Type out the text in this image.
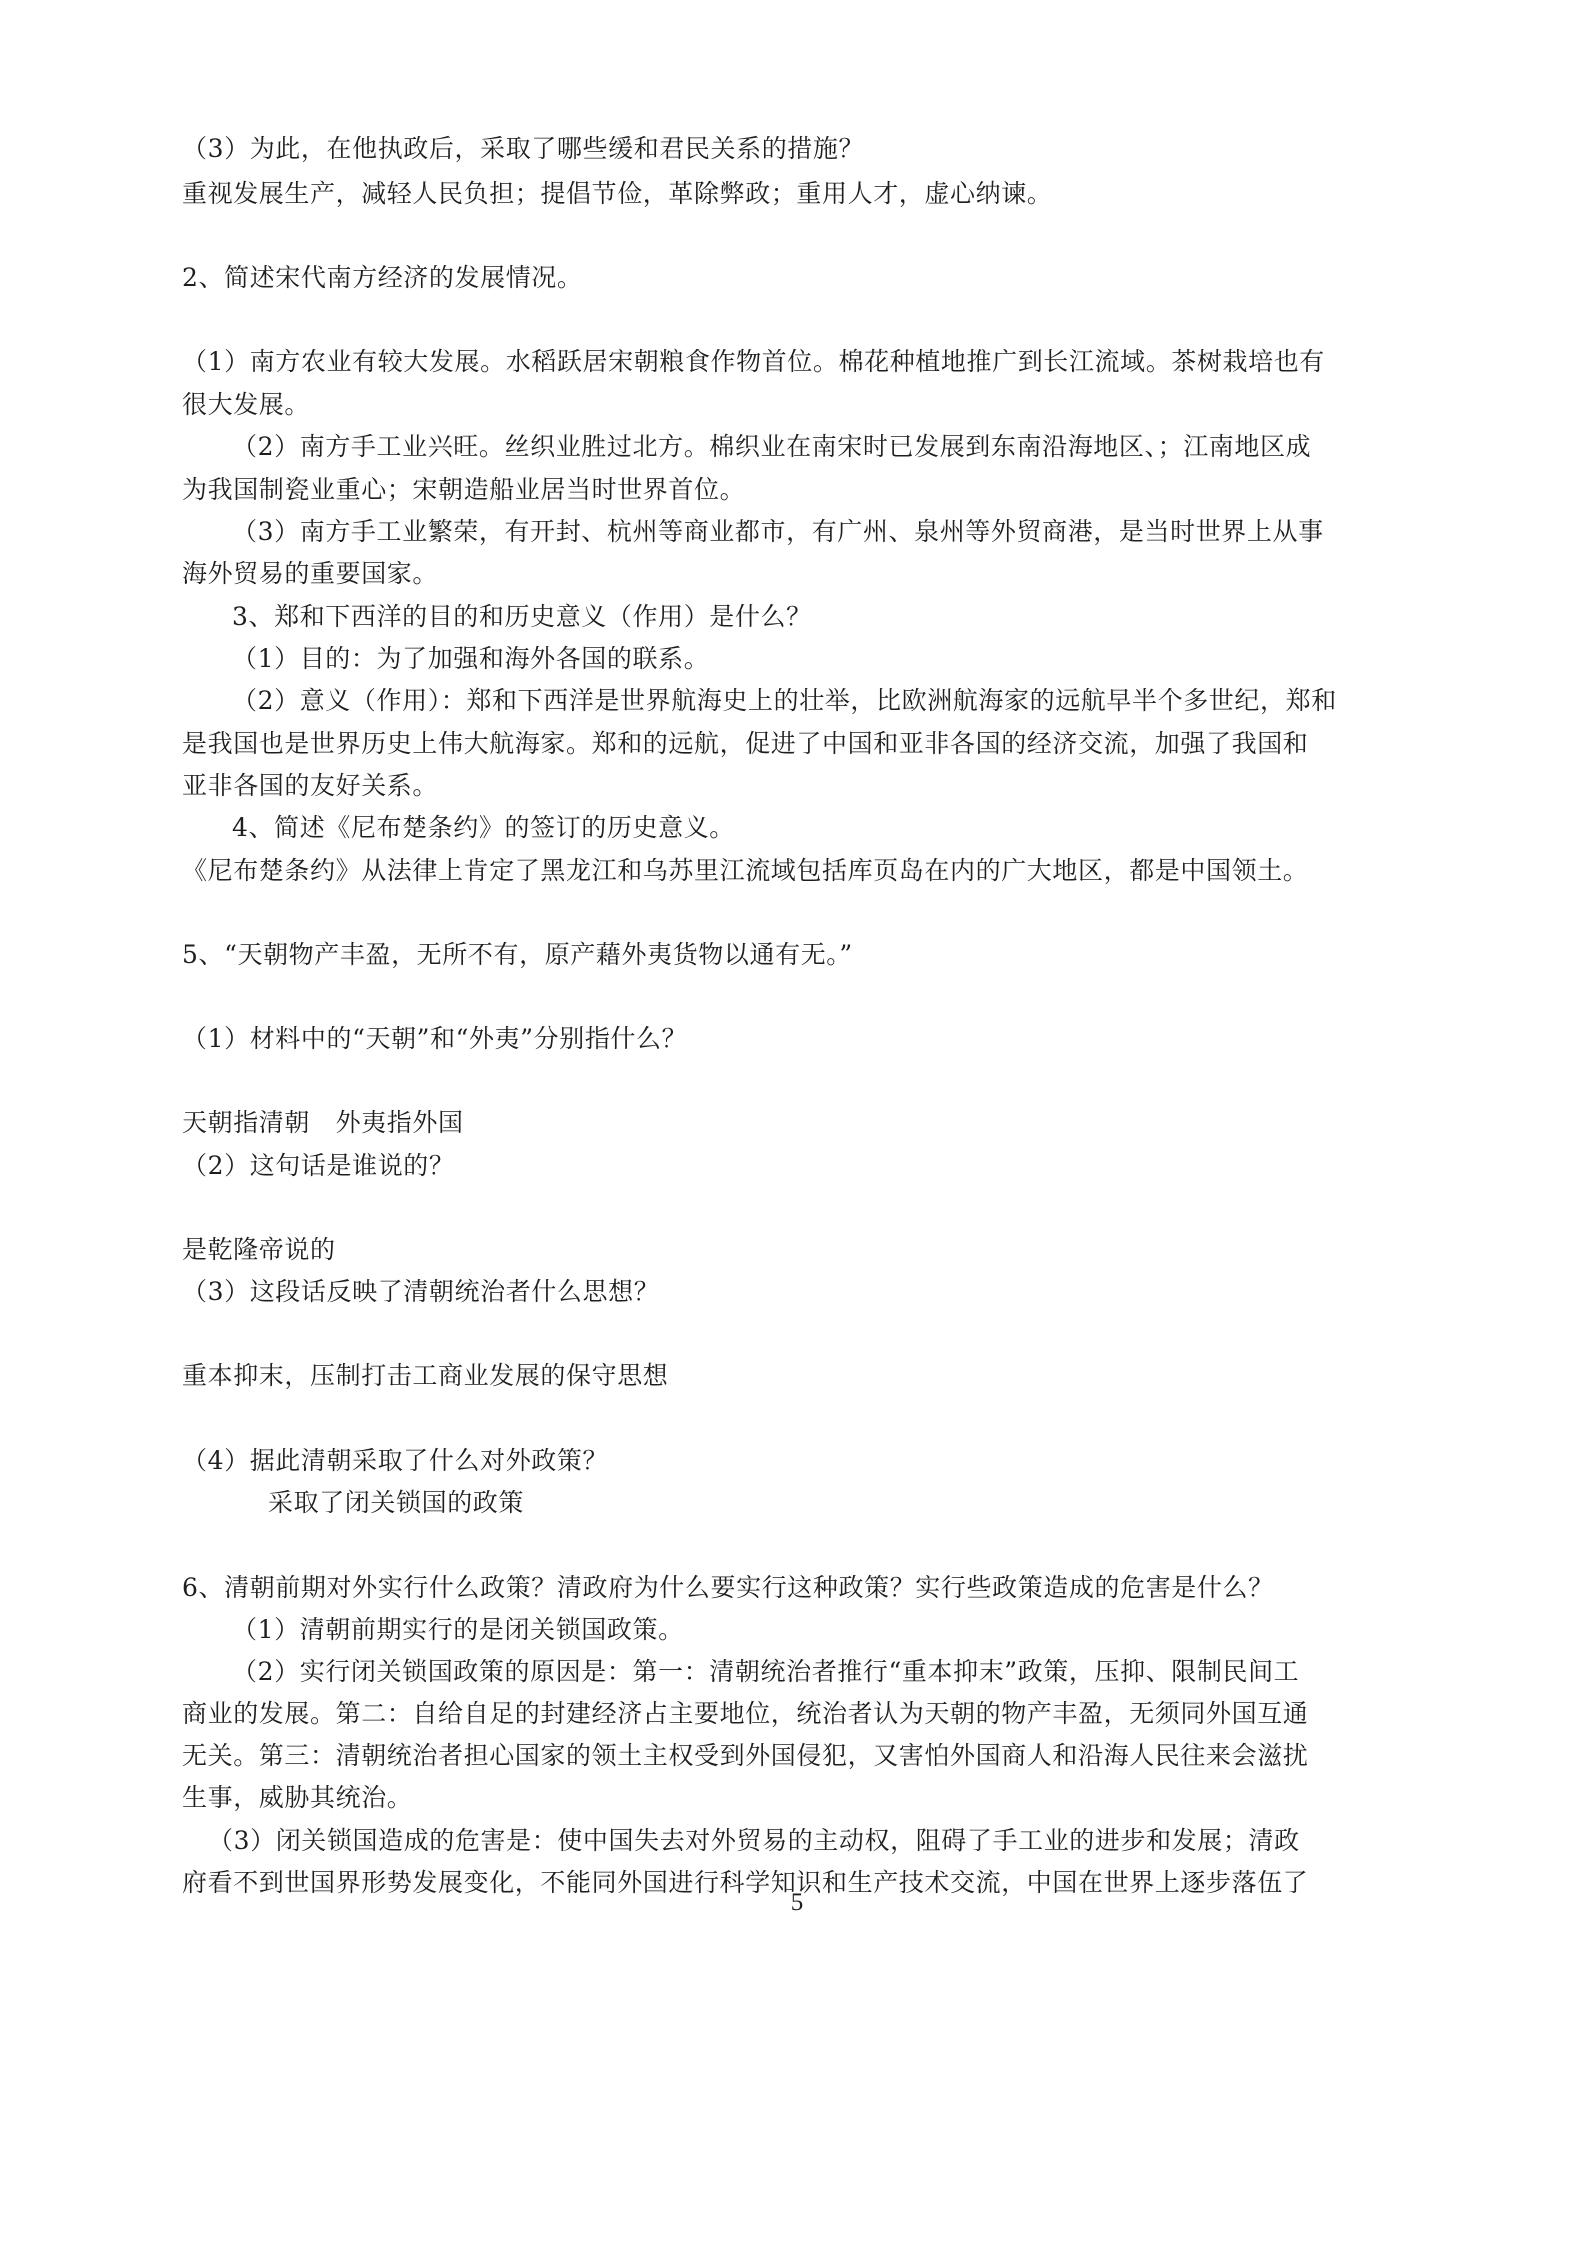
（3）为此，在他执政后，采取了哪些缓和君民关系的措施？
重视发展生产，减轻人民负担；提倡节俭，革除弊政；重用人才，虚心纳谏。
2、简述宋代南方经济的发展情况。
（1）南方农业有较大发展。水稻跃居宋朝粮食作物首位。棉花种植地推广到长江流域。茶树栽培也有
很大发展。
（2）南方手工业兴旺。丝织业胜过北方。棉织业在南宋时已发展到东南沿海地区、；江南地区成
为我国制瓷业重心；宋朝造船业居当时世界首位。
（3）南方手工业繁荣，有开封、杭州等商业都市，有广州、泉州等外贸商港，是当时世界上从事
海外贸易的重要国家。
3、郑和下西洋的目的和历史意义（作用）是什么？
（1）目的：为了加强和海外各国的联系。
（2）意义（作用）：郑和下西洋是世界航海史上的壮举，比欧洲航海家的远航早半个多世纪，郑和
是我国也是世界历史上伟大航海家。郑和的远航，促进了中国和亚非各国的经济交流，加强了我国和
亚非各国的友好关系。
4、简述《尼布楚条约》的签订的历史意义。
《尼布楚条约》从法律上肯定了黑龙江和乌苏里江流域包括库页岛在内的广大地区，都是中国领土。
5、“天朝物产丰盈，无所不有，原产藉外夷货物以通有无。”
（1）材料中的“天朝”和“外夷”分别指什么？
天朝指清朝　外夷指外国
（2）这句话是谁说的？
是乾隆帝说的
（3）这段话反映了清朝统治者什么思想？
重本抑末，压制打击工商业发展的保守思想
（4）据此清朝采取了什么对外政策？
采取了闭关锁国的政策
6、清朝前期对外实行什么政策？清政府为什么要实行这种政策？实行些政策造成的危害是什么？
（1）清朝前期实行的是闭关锁国政策。
（2）实行闭关锁国政策的原因是：第一：清朝统治者推行“重本抑末”政策，压抑、限制民间工
商业的发展。第二：自给自足的封建经济占主要地位，统治者认为天朝的物产丰盈，无须同外国互通
无关。第三：清朝统治者担心国家的领土主权受到外国侵犯，又害怕外国商人和沿海人民往来会滋扰
生事，威胁其统治。
（3）闭关锁国造成的危害是：使中国失去对外贸易的主动权，阻碍了手工业的进步和发展；清政
府看不到世国界形势发展变化，不能同外国进行科学知识和生产技术交流，中国在世界上逐步落伍了
5
